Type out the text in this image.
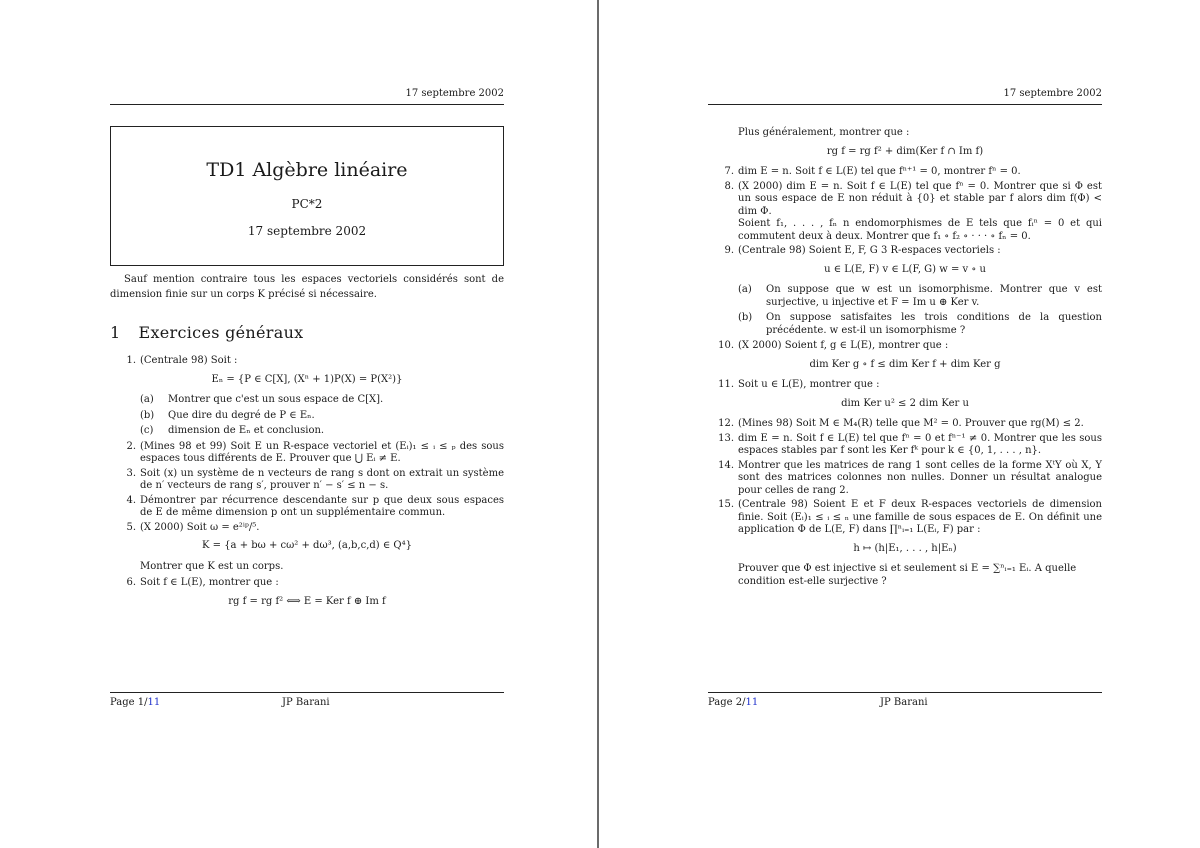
17 septembre 2002
TD1 Algèbre linéaire
PC*2
17 septembre 2002
Sauf mention contraire tous les espaces vectoriels considérés sont de dimension finie sur un corps K précisé si nécessaire.
1 Exercices généraux
1. (Centrale 98) Soit :
Eₙ = {P ∈ C[X], (Xⁿ + 1)P(X) = P(X²)}
(a) Montrer que c'est un sous espace de C[X].
(b) Que dire du degré de P ∈ Eₙ.
(c) dimension de Eₙ et conclusion.
2. (Mines 98 et 99) Soit E un R-espace vectoriel et (Eᵢ)₁ ≤ ᵢ ≤ ₚ des sous espaces tous différents de E. Prouver que ⋃ Eᵢ ≠ E.
3. Soit (x) un système de n vecteurs de rang s dont on extrait un système de n′ vecteurs de rang s′, prouver n′ − s′ ≤ n − s.
4. Démontrer par récurrence descendante sur p que deux sous espaces de E de même dimension p ont un supplémentaire commun.
5. (X 2000) Soit ω = e²ⁱᵖ/⁵.
K = {a + bω + cω² + dω³, (a,b,c,d) ∈ Q⁴}
Montrer que K est un corps.
6. Soit f ∈ L(E), montrer que :
rg f = rg f² ⟺ E = Ker f ⊕ Im f
Page 1/11	JP Barani
17 septembre 2002
Plus généralement, montrer que :
rg f = rg f² + dim(Ker f ∩ Im f)
7. dim E = n. Soit f ∈ L(E) tel que fⁿ⁺¹ = 0, montrer fⁿ = 0.
8. (X 2000) dim E = n. Soit f ∈ L(E) tel que fⁿ = 0. Montrer que si Φ est un sous espace de E non réduit à {0} et stable par f alors dim f(Φ) < dim Φ.
Soient f₁, . . . , fₙ n endomorphismes de E tels que fᵢⁿ = 0 et qui commutent deux à deux. Montrer que f₁ ∘ f₂ ∘ · · · ∘ fₙ = 0.
9. (Centrale 98) Soient E, F, G 3 R-espaces vectoriels :
u ∈ L(E, F) v ∈ L(F, G) w = v ∘ u
(a) On suppose que w est un isomorphisme. Montrer que v est surjective, u injective et F = Im u ⊕ Ker v.
(b) On suppose satisfaites les trois conditions de la question précédente. w est-il un isomorphisme ?
10. (X 2000) Soient f, g ∈ L(E), montrer que :
dim Ker g ∘ f ≤ dim Ker f + dim Ker g
11. Soit u ∈ L(E), montrer que :
dim Ker u² ≤ 2 dim Ker u
12. (Mines 98) Soit M ∈ M₄(R) telle que M² = 0. Prouver que rg(M) ≤ 2.
13. dim E = n. Soit f ∈ L(E) tel que fⁿ = 0 et fⁿ⁻¹ ≠ 0. Montrer que les sous espaces stables par f sont les Ker fᵏ pour k ∈ {0, 1, . . . , n}.
14. Montrer que les matrices de rang 1 sont celles de la forme XᵗY où X, Y sont des matrices colonnes non nulles. Donner un résultat analogue pour celles de rang 2.
15. (Centrale 98) Soient E et F deux R-espaces vectoriels de dimension finie. Soit (Eᵢ)₁ ≤ ᵢ ≤ ₙ une famille de sous espaces de E. On définit une application Φ de L(E, F) dans ∏ⁿᵢ₌₁ L(Eᵢ, F) par :
h ↦ (h|E₁, . . . , h|Eₙ)
Prouver que Φ est injective si et seulement si E = ∑ⁿᵢ₌₁ Eᵢ. A quelle condition est-elle surjective ?
Page 2/11	JP Barani
